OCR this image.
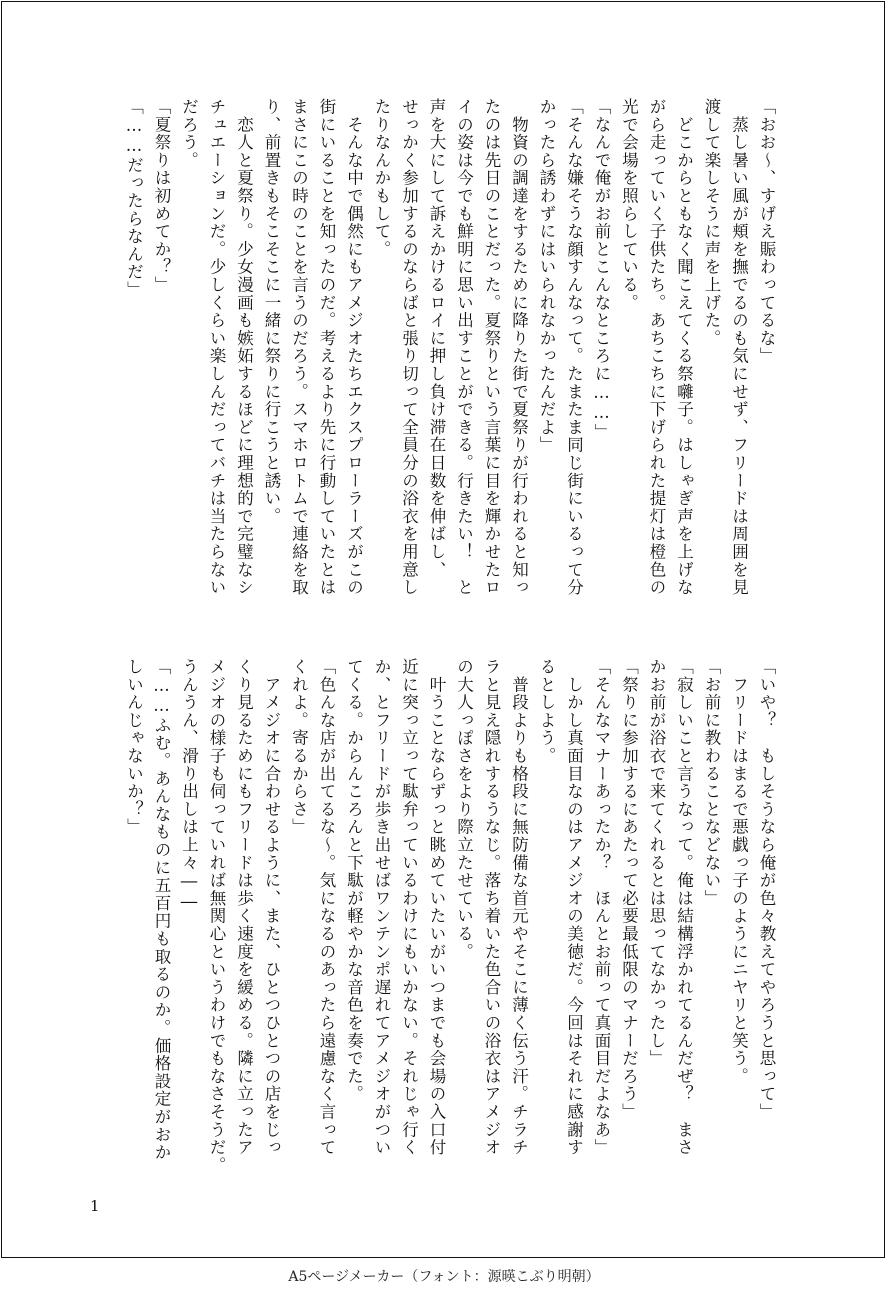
「おお〜、すげえ賑わってるな」
　蒸し暑い風が頬を撫でるのも気にせず、フリードは周囲を見
渡して楽しそうに声を上げた。
　どこからともなく聞こえてくる祭囃子。はしゃぎ声を上げな
がら走っていく子供たち。あちこちに下げられた提灯は橙色の
光で会場を照らしている。
「なんで俺がお前とこんなところに……」
「そんな嫌そうな顔すんなって。たまたま同じ街にいるって分
かったら誘わずにはいられなかったんだよ」
　物資の調達をするために降りた街で夏祭りが行われると知っ
たのは先日のことだった。夏祭りという言葉に目を輝かせたロ
イの姿は今でも鮮明に思い出すことができる。行きたい！　と
声を大にして訴えかけるロイに押し負け滞在日数を伸ばし、
せっかく参加するのならばと張り切って全員分の浴衣を用意し
たりなんかもして。
　そんな中で偶然にもアメジオたちエクスプローラーズがこの
街にいることを知ったのだ。考えるより先に行動していたとは
まさにこの時のことを言うのだろう。スマホロトムで連絡を取
り、前置きもそこそこに一緒に祭りに行こうと誘い。
　恋人と夏祭り。少女漫画も嫉妬するほどに理想的で完璧なシ
チュエーションだ。少しくらい楽しんだってバチは当たらない
だろう。
「夏祭りは初めてか？」
「……だったらなんだ」
「いや？　もしそうなら俺が色々教えてやろうと思って」
　フリードはまるで悪戯っ子のようにニヤリと笑う。
「お前に教わることなどない」
「寂しいこと言うなって。俺は結構浮かれてるんだぜ？　まさ
かお前が浴衣で来てくれるとは思ってなかったし」
「祭りに参加するにあたって必要最低限のマナーだろう」
「そんなマナーあったか？　ほんとお前って真面目だよなあ」
　しかし真面目なのはアメジオの美徳だ。今回はそれに感謝す
るとしよう。
　普段よりも格段に無防備な首元やそこに薄く伝う汗。チラチ
ラと見え隠れするうなじ。落ち着いた色合いの浴衣はアメジオ
の大人っぽさをより際立たせている。
　叶うことならずっと眺めていたいがいつまでも会場の入口付
近に突っ立って駄弁っているわけにもいかない。それじゃ行く
か、とフリードが歩き出せばワンテンポ遅れてアメジオがつい
てくる。からんころんと下駄が軽やかな音色を奏でた。
「色んな店が出てるな〜。気になるのあったら遠慮なく言って
くれよ。寄るからさ」
　アメジオに合わせるように、また、ひとつひとつの店をじっ
くり見るためにもフリードは歩く速度を緩める。隣に立ったア
メジオの様子も伺っていれば無関心というわけでもなさそうだ。
うんうん、滑り出しは上々――
「……ふむ。あんなものに五百円も取るのか。価格設定がおか
しいんじゃないか？」
1
A5ページメーカー（フォント：源暎こぶり明朝）
